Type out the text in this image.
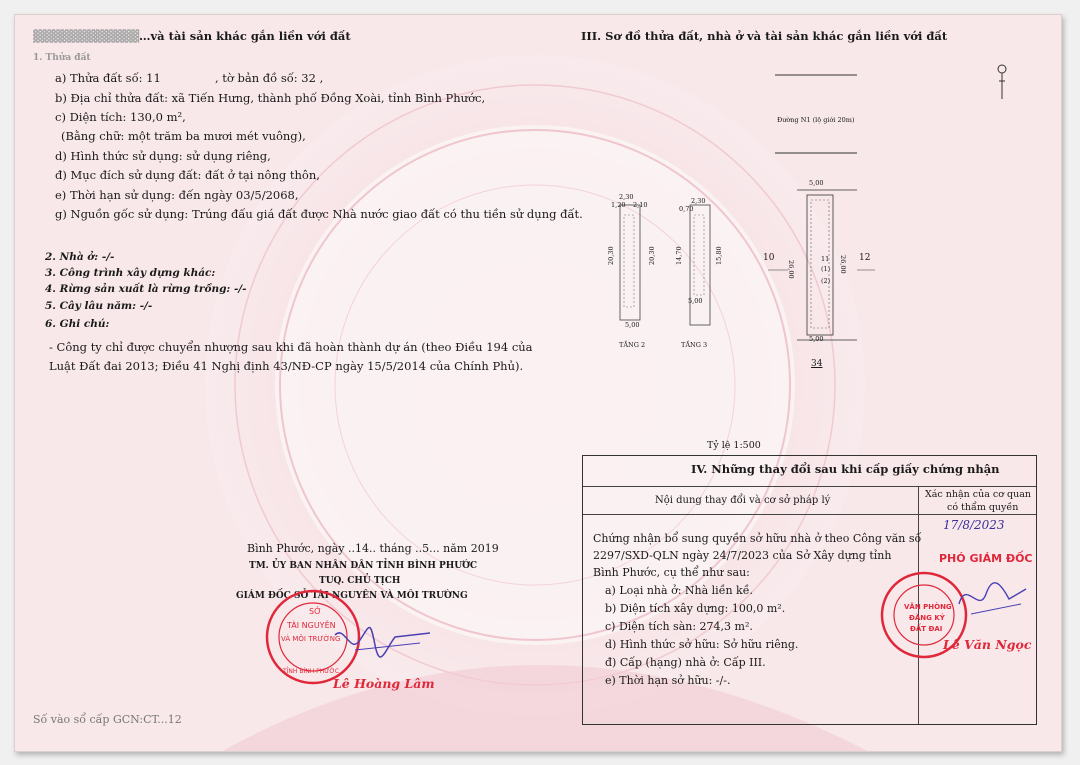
▓▓▓▓▓▓▓▓▓▓▓▓ …và tài sản khác gắn liền với đất
1. Thửa đất
a) Thửa đất số: 11	, tờ bản đồ số: 32 ,
b) Địa chỉ thửa đất: xã Tiến Hưng, thành phố Đồng Xoài, tỉnh Bình Phước,
c) Diện tích: 130,0 m²,
(Bằng chữ: một trăm ba mươi mét vuông),
d) Hình thức sử dụng: sử dụng riêng,
đ) Mục đích sử dụng đất: đất ở tại nông thôn,
e) Thời hạn sử dụng: đến ngày 03/5/2068,
g) Nguồn gốc sử dụng: Trúng đấu giá đất được Nhà nước giao đất có thu tiền sử dụng đất.
2. Nhà ở: -/-
3. Công trình xây dựng khác:
4. Rừng sản xuất là rừng trồng: -/-
5. Cây lâu năm: -/-
6. Ghi chú:
- Công ty chỉ được chuyển nhượng sau khi đã hoàn thành dự án (theo Điều 194 của
Luật Đất đai 2013; Điều 41 Nghị định 43/NĐ-CP ngày 15/5/2014 của Chính Phủ).
Bình Phước, ngày ..14.. tháng ..5... năm 2019
TM. ỦY BAN NHÂN DÂN TỈNH BÌNH PHƯỚC
TUQ. CHỦ TỊCH
GIÁM ĐỐC SỞ TÀI NGUYÊN VÀ MÔI TRƯỜNG
SỞ
TÀI NGUYÊN
VÀ MÔI TRƯỜNG
TỈNH BÌNH PHƯỚC
Lê Hoàng Lâm
Số vào sổ cấp GCN:CT...12
III. Sơ đồ thửa đất, nhà ở và tài sản khác gắn liền với đất
Đường N1 (lộ giới 20m)
5,00
5,00
26,00	26,00
11
(1)
(2)
10	12
34
2,30
1,20 2,10
20,30	20,30
5,00
TẦNG 2
2,30
0,70
14,70	15,80
5,00
TẦNG 3
Tỷ lệ 1:500
IV. Những thay đổi sau khi cấp giấy chứng nhận
Nội dung thay đổi và cơ sở pháp lý
Xác nhận của cơ quan
có thẩm quyền
Chứng nhận bổ sung quyền sở hữu nhà ở theo Công văn số
2297/SXD-QLN ngày 24/7/2023 của Sở Xây dựng tỉnh
Bình Phước, cụ thể như sau:
a) Loại nhà ở: Nhà liền kề.
b) Diện tích xây dựng: 100,0 m².
c) Diện tích sàn: 274,3 m².
d) Hình thức sở hữu: Sở hữu riêng.
đ) Cấp (hạng) nhà ở: Cấp III.
e) Thời hạn sở hữu: -/-.
17/8/2023
PHÓ GIÁM ĐỐC
VĂN PHÒNG
ĐĂNG KÝ
ĐẤT ĐAI
Lê Văn Ngọc
